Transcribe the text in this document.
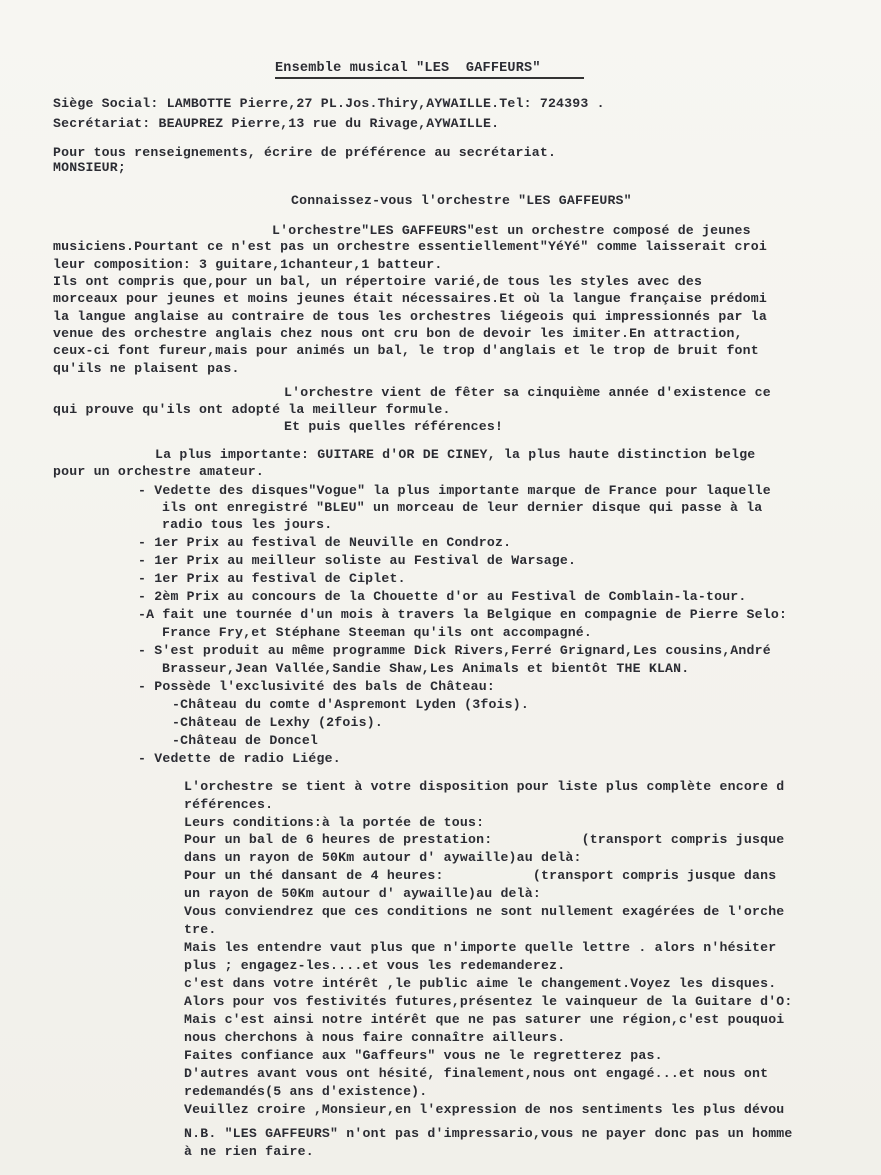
Ensemble musical "LES  GAFFEURS"
Siège Social: LAMBOTTE Pierre,27 PL.Jos.Thiry,AYWAILLE.Tel: 724393 .
Secrétariat: BEAUPREZ Pierre,13 rue du Rivage,AYWAILLE.
Pour tous renseignements, écrire de préférence au secrétariat.
MONSIEUR;
Connaissez-vous l'orchestre "LES GAFFEURS"
L'orchestre"LES GAFFEURS"est un orchestre composé de jeunes
musiciens.Pourtant ce n'est pas un orchestre essentiellement"YéYé" comme laisserait croi
leur composition: 3 guitare,1chanteur,1 batteur.
Ils ont compris que,pour un bal, un répertoire varié,de tous les styles avec des
morceaux pour jeunes et moins jeunes était nécessaires.Et où la langue française prédomi
la langue anglaise au contraire de tous les orchestres liégeois qui impressionnés par la
venue des orchestre anglais chez nous ont cru bon de devoir les imiter.En attraction,
ceux-ci font fureur,mais pour animés un bal, le trop d'anglais et le trop de bruit font
qu'ils ne plaisent pas.
L'orchestre vient de fêter sa cinquième année d'existence ce
qui prouve qu'ils ont adopté la meilleur formule.
Et puis quelles références!
La plus importante: GUITARE d'OR DE CINEY, la plus haute distinction belge
pour un orchestre amateur.
- Vedette des disques"Vogue" la plus importante marque de France pour laquelle
ils ont enregistré "BLEU" un morceau de leur dernier disque qui passe à la
radio tous les jours.
- 1er Prix au festival de Neuville en Condroz.
- 1er Prix au meilleur soliste au Festival de Warsage.
- 1er Prix au festival de Ciplet.
- 2èm Prix au concours de la Chouette d'or au Festival de Comblain-la-tour.
-A fait une tournée d'un mois à travers la Belgique en compagnie de Pierre Selo:
France Fry,et Stéphane Steeman qu'ils ont accompagné.
- S'est produit au même programme Dick Rivers,Ferré Grignard,Les cousins,André
Brasseur,Jean Vallée,Sandie Shaw,Les Animals et bientôt THE KLAN.
- Possède l'exclusivité des bals de Château:
-Château du comte d'Aspremont Lyden (3fois).
-Château de Lexhy (2fois).
-Château de Doncel
- Vedette de radio Liége.
L'orchestre se tient à votre disposition pour liste plus complète encore d
références.
Leurs conditions:à la portée de tous:
Pour un bal de 6 heures de prestation:           (transport compris jusque
dans un rayon de 50Km autour d' aywaille)au delà:
Pour un thé dansant de 4 heures:           (transport compris jusque dans
un rayon de 50Km autour d' aywaille)au delà:
Vous conviendrez que ces conditions ne sont nullement exagérées de l'orche
tre.
Mais les entendre vaut plus que n'importe quelle lettre . alors n'hésiter
plus ; engagez-les....et vous les redemanderez.
c'est dans votre intérêt ,le public aime le changement.Voyez les disques.
Alors pour vos festivités futures,présentez le vainqueur de la Guitare d'O:
Mais c'est ainsi notre intérêt que ne pas saturer une région,c'est pouquoi
nous cherchons à nous faire connaître ailleurs.
Faites confiance aux "Gaffeurs" vous ne le regretterez pas.
D'autres avant vous ont hésité, finalement,nous ont engagé...et nous ont
redemandés(5 ans d'existence).
Veuillez croire ,Monsieur,en l'expression de nos sentiments les plus dévou
N.B. "LES GAFFEURS" n'ont pas d'impressario,vous ne payer donc pas un homme
à ne rien faire.
